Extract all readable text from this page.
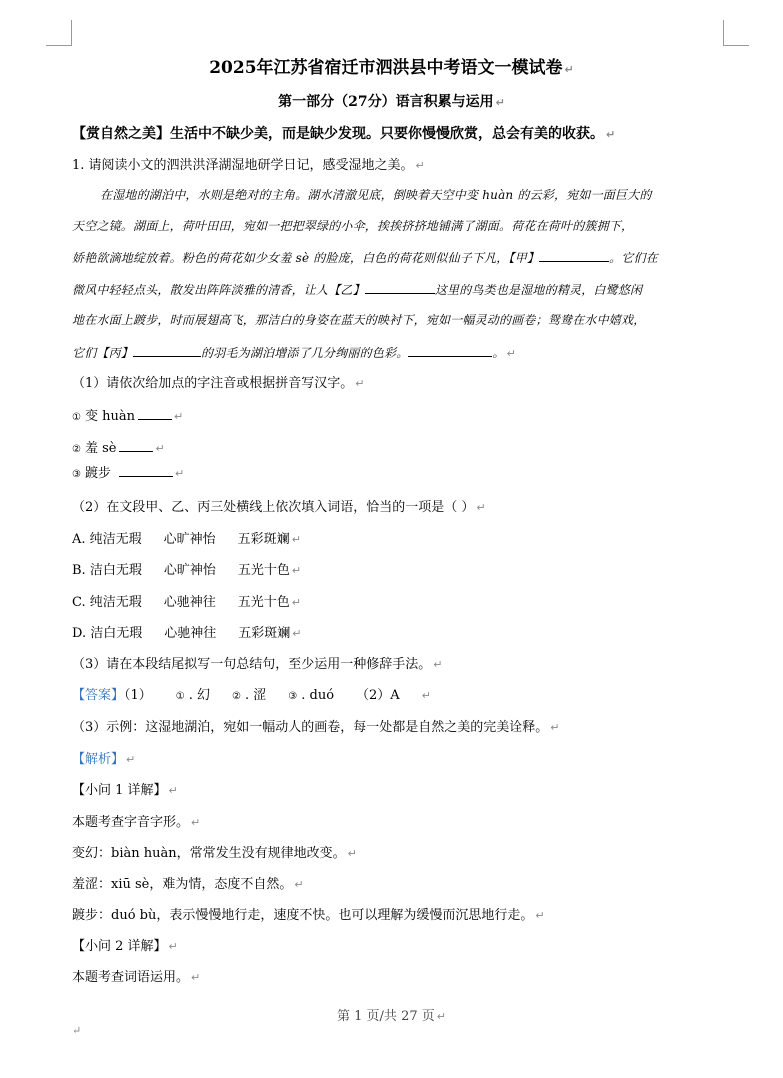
2025年江苏省宿迁市泗洪县中考语文一模试卷 ↵
第一部分（27分）语言积累与运用 ↵
【赏自然之美】生活中不缺少美，而是缺少发现。只要你慢慢欣赏，总会有美的收获。 ↵
1. 请阅读小文的泗洪洪泽湖湿地研学日记，感受湿地之美。 ↵
在湿地的湖泊中，水则是绝对的主角。湖水清澈见底，倒映着天空中变 huàn 的云彩，宛如一面巨大的
天空之镜。湖面上，荷叶田田，宛如一把把翠绿的小伞，挨挨挤挤地铺满了湖面。荷花在荷叶的簇拥下，
娇艳欲滴地绽放着。粉色的荷花如少女羞 sè 的脸庞，白色的荷花则似仙子下凡，【甲】	。它们在
微风中轻轻点头，散发出阵阵淡雅的清香，让人【乙】	这里的鸟类也是湿地的精灵，白鹭悠闲
地在水面上踱步，时而展翅高飞，那洁白的身姿在蓝天的映衬下，宛如一幅灵动的画卷；鸳鸯在水中嬉戏，
它们【丙】	的羽毛为湖泊增添了几分绚丽的色彩。	。 ↵
（1）请依次给加点的字注音或根据拼音写汉字。 ↵
① 变 huàn	↵
② 羞 sè	↵
③ 踱步	↵
（2）在文段甲、乙、丙三处横线上依次填入词语，恰当的一项是（ ） ↵
A. 纯洁无瑕 心旷神怡 五彩斑斓 ↵
B. 洁白无瑕 心旷神怡 五光十色 ↵
C. 纯洁无瑕 心驰神往 五光十色 ↵
D. 洁白无瑕 心驰神往 五彩斑斓 ↵
（3）请在本段结尾拟写一句总结句，至少运用一种修辞手法。 ↵
【答案】（1） ① . 幻 ② . 涩 ③ . duó （2）A ↵
（3）示例：这湿地湖泊，宛如一幅动人的画卷，每一处都是自然之美的完美诠释。 ↵
【解析】 ↵
【小问 1 详解】 ↵
本题考查字音字形。 ↵
变幻：biàn huàn，常常发生没有规律地改变。 ↵
羞涩：xiū sè，难为情，态度不自然。 ↵
踱步：duó bù，表示慢慢地行走，速度不快。也可以理解为缓慢而沉思地行走。 ↵
【小问 2 详解】 ↵
本题考查词语运用。 ↵
第 1 页/共 27 页 ↵
↵
